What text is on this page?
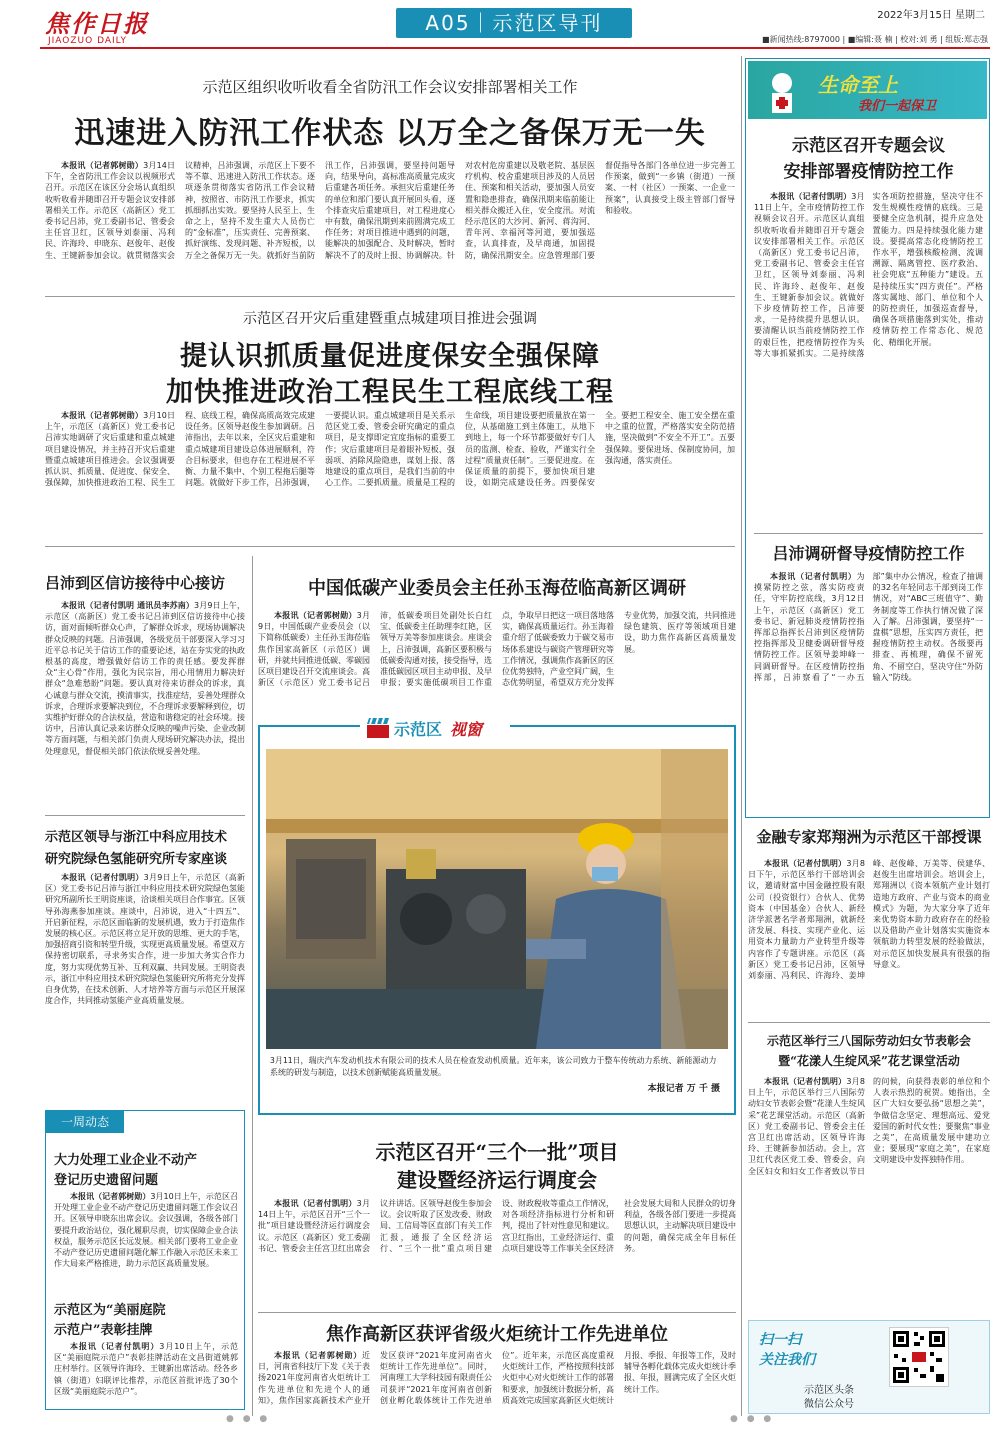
焦作日报
JIAOZUO DAILY
A05｜示范区导刊	2022年3月15日 星期二
■新闻热线:8797000 | ■编辑:聂 楠 | 校对:刘 勇 | 组版:郑志强
示范区组织收听收看全省防汛工作会议安排部署相关工作
迅速进入防汛工作状态 以万全之备保万无一失

本报讯（记者郭树勋）3月14日下午，全省防汛工作会议以视频形式召开。示范区在该区分会场认真组织收听收看并随即召开专题会议安排部署相关工作。示范区（高新区）党工委书记吕沛，党工委副书记、管委会主任宫卫红，区领导刘泰丽、冯利民、许海玲、申晓东、赵俊年、赵俊生、王键新参加会议。就贯彻落实会议精神，吕沛强调，示范区上下要不等不靠、迅速进入防汛工作状态。逐项逐条贯彻落实省防汛工作会议精神，按照省、市防汛工作要求，抓实抓细抓出实效。要坚持人民至上、生命之上，坚持不发生重大人员伤亡的“金标准”，压实责任、完善预案、抓好演练、发现问题、补齐短板，以万全之备保万无一失。就抓好当前防汛工作，吕沛强调，要坚持问题导向，结果导向，高标准高质量完成灾后重建各项任务。承担灾后重建任务的单位和部门要认真开展回头看，逐个排查灾后重建项目，对工程进度心中有数，确保汛期到来前圆满完成工作任务；对项目推进中遇到的问题，能解决的加强配合、及时解决，暂时解决不了的及时上报、协调解决。针对农村危房重建以及敬老院、基层医疗机构、校舍重建项目涉及的人员居住、预案和相关活动，要加强人员安置和隐患排查，确保汛期来临前能让相关群众搬迁入住，安全度汛。对流经示范区的大沙河、新河、蒋沟河、青年河、幸福河等河道，要加强巡查，认真排查，及早商通，加固提防，确保汛期安全。应急管理部门要督促指导各部门各单位进一步完善工作预案，做到“一乡镇（街道）一预案、一村（社区）一预案、一企业一预案”，认真接受上级主管部门督导和验收。

示范区召开灾后重建暨重点城建项目推进会强调
提认识抓质量促进度保安全强保障
加快推进政治工程民生工程底线工程

本报讯（记者郭树勋）3月10日上午，示范区（高新区）党工委书记吕沛实地调研了灾后重建和重点城建项目建设情况，并主持召开灾后重建暨重点城建项目推进会。会议强调要抓认识、抓质量、促进度、保安全、强保障，加快推进政治工程、民生工程、底线工程，确保高质高效完成建设任务。区领导赵俊生参加调研。吕沛指出，去年以来，全区灾后重建和重点城建项目建设总体进展顺利，符合目标要求，但也存在工程进展不平衡、力量不集中、个别工程拖后腿等问题。就做好下步工作，吕沛强调，一要提认识。重点城建项目是关系示范区党工委、管委会研究确定的重点项目，是支撑即定宜度指标的重要工作；灾后重建项目是着眼补短板、强弱项、消除风险隐患，谋划上报、落地建设的重点项目，是我们当前的中心工作。二要抓质量。质量是工程的生命线，项目建设要把质量放在第一位，从基础施工到主体施工，从地下到地上，每一个环节都要做好专门人员的监测、检查、验收，严谨实行全过程“质量责任制”。三要促进度。在保证质量的前提下，要加快项目建设，如期完成建设任务。四要保安全。要把工程安全、施工安全摆在重中之重的位置，严格落实安全防范措施，坚决做到“不安全不开工”。五要强保障。要保进场、保制度协同，加强沟通，落实责任。

吕沛到区信访接待中心接访

本报讯（记者付凯明 通讯员李苏南）3月9日上午，示范区（高新区）党工委书记吕沛到区信访接待中心接访，面对面倾听群众心声，了解群众诉求，现场协调解决群众反映的问题。吕沛强调，各级党员干部要深入学习习近平总书记关于信访工作的重要论述，站在夯实党的执政根基的高度，增强做好信访工作的责任感。要发挥群众“主心骨”作用，强化为民宗旨，用心用情用力解决好群众“急难愁盼”问题。要认真对待来访群众的诉求，真心诚意与群众交流，摸清事实，找准症结，妥善处理群众诉求，合理诉求要解决到位，不合理诉求要解释到位，切实维护好群众的合法权益，营造和谐稳定的社会环境。接访中，吕沛认真记录来访群众反映的噪声污染、企业改制等方面问题，与相关部门负责人现场研究解决办法，提出处理意见，督促相关部门依法依规妥善处理。

示范区领导与浙江中科应用技术
研究院绿色氢能研究所专家座谈

本报讯（记者付凯明）3月9日上午，示范区（高新区）党工委书记吕沛与浙江中科应用技术研究院绿色氢能研究所副所长王明资座谈，洽谈相关项目合作事宜。区领导孙海燕参加座谈。座谈中，吕沛说，进入“十四五”、开启新征程，示范区面临新的发展机遇，致力于打造焦作发展的核心区。示范区将立足开放的思维、更大的手笔，加强招商引资和转型升级，实现更高质量发展。希望双方保持密切联系，寻求务实合作，进一步加大务实合作力度，努力实现优势互补、互利双赢、共同发展。王明资表示，浙江中科应用技术研究院绿色氢能研究所将充分发挥自身优势，在技术创新、人才培养等方面与示范区开展深度合作，共同推动氢能产业高质量发展。

一周动态
大力处理工业企业不动产
登记历史遗留问题

本报讯（记者郭树勋）3月10日上午，示范区召开处理工业企业不动产登记历史遗留问题工作会议召开。区领导申晓东出席会议。会议强调，各级各部门要提升政治站位，强化履职尽责，切实保障企业合法权益，服务示范区长远发展。相关部门要将工业企业不动产登记历史遗留问题化解工作融入示范区未来工作大局来严格推进，助力示范区高质量发展。

示范区为“美丽庭院
示范户”表彰挂牌

本报讯（记者付凯明）3月10日上午，示范区“美丽庭院示范户”表彰挂牌活动在文昌街道姚郭庄村举行。区领导许海玲、王键新出席活动。经各乡镇（街道）妇联评比推荐，示范区首批评选了30个区级“美丽庭院示范户”。

中国低碳产业委员会主任孙玉海莅临高新区调研

本报讯（记者郭树勋）3月9日，中国低碳产业委员会（以下简称低碳委）主任孙玉海莅临焦作国家高新区（示范区）调研，并就共同推进低碳、零碳园区项目建设召开交流座谈会。高新区（示范区）党工委书记吕沛，低碳委项目处副处长白红宝、低碳委主任助理李红艳，区领导万美等参加座谈会。座谈会上，吕沛强调，高新区要积极与低碳委沟通对接，接受指导，选准低碳园区项目主动申报、及早申报；要实施低碳项目工作重点，争取早日把这一项目落地落实，确保高质量运行。孙玉海着重介绍了低碳委致力于碳交易市场体系建设与碳资产管理研究等工作情况，强调焦作高新区的区位优势独特，产业空间广阔，生态优势明显，希望双方充分发挥专业优势，加强交流，共同推进绿色建筑、医疗等领域项目建设，助力焦作高新区高质量发展。

示范区 视窗
3月11日，瑞庆汽车发动机技术有限公司的技术人员在检查发动机质量。近年来，该公司致力于整车传统动力系统、新能源动力系统的研发与制造，以技术创新赋能高质量发展。
本报记者 万 千 摄
示范区召开“三个一批”项目
建设暨经济运行调度会

本报讯（记者付凯明）3月14日上午，示范区召开“三个一批”项目建设暨经济运行调度会议。示范区（高新区）党工委副书记、管委会主任宫卫红出席会议并讲话。区领导赵俊生参加会议。会议听取了区发改委、财政局、工信局等区直部门有关工作汇报，通报了全区经济运行、“三个一批”重点项目建设、财政税收等重点工作情况，对各项经济指标进行分析和研判，提出了针对性意见和建议。宫卫红指出，工业经济运行、重点项目建设等工作事关全区经济社会发展大局和人民群众的切身利益，各级各部门要进一步提高思想认识，主动解决项目建设中的问题，确保完成全年目标任务。

焦作高新区获评省级火炬统计工作先进单位

本报讯（记者郭树勋）近日，河南省科技厅下发《关于表扬2021年度河南省火炬统计工作先进单位和先进个人的通知》，焦作国家高新技术产业开发区获评“2021年度河南省火炬统计工作先进单位”。同时，河南理工大学科技园有限责任公司获评“2021年度河南省创新创业孵化载体统计工作先进单位”。近年来，示范区高度重视火炬统计工作，严格按照科技部火炬中心对火炬统计工作的部署和要求，加强统计数据分析，高质高效完成国家高新区火炬统计月报、季报、年报等工作，及时辅导各孵化载体完成火炬统计季报、年报，圆满完成了全区火炬统计工作。

生命至上
我们一起保卫
示范区召开专题会议
安排部署疫情防控工作

本报讯（记者付凯明）3月11日上午，全市疫情防控工作视频会议召开。示范区认真组织收听收看并随即召开专题会议安排部署相关工作。示范区（高新区）党工委书记吕沛，党工委副书记、管委会主任宫卫红，区领导刘泰丽、冯利民、许海玲、赵俊年、赵俊生、王键新参加会议。就做好下步疫情防控工作，吕沛要求，一是持续提升思想认识。要清醒认识当前疫情防控工作的艰巨性，把疫情防控作为头等大事抓紧抓实。二是持续落实各项防控措施，坚决守住不发生规模性疫情的底线。三是要健全应急机制，提升应急处置能力。四是持续强化能力建设。要提高常态化疫情防控工作水平，增强核酸检测、流调溯源、隔离管控、医疗救治、社会兜底“五种能力”建设。五是持续压实“四方责任”。严格落实属地、部门、单位和个人的防控责任，加强巡查督导，确保各项措施落到实处，推动疫情防控工作常态化、规范化、精细化开展。

吕沛调研督导疫情防控工作

本报讯（记者付凯明）为摸紧防控之弦，落实防疫责任，守牢防控底线，3月12日上午，示范区（高新区）党工委书记、新冠肺炎疫情防控指挥部总指挥长吕沛到区疫情防控指挥部及卫健委调研督导疫情防控工作。区领导姜坤峰一同调研督导。在区疫情防控指挥部，吕沛察看了“一办五部”集中办公情况，检查了抽调的32名年轻同志干部到岗工作情况，对“ABC三班值守”、勤务制度等工作执行情况做了深入了解。吕沛强调，要坚持“一盘棋”思想，压实四方责任，把握疫情防控主动权。各级要再排查、再梳理，确保不留死角、不留空白，坚决守住“外防输入”防线。

金融专家郑翔洲为示范区干部授课

本报讯（记者付凯明）3月8日下午，示范区举行干部培训会议，邀请财富中国金融控股有限公司（投资银行）合伙人、优势资本（中国基金）合伙人、新经济学派著名学者郑翔洲，就新经济发展、科技、实现产业化、运用资本力量助力产业转型升级等内容作了专题讲座。示范区（高新区）党工委书记吕沛，区领导刘泰丽、冯利民、许海玲、姜坤峰、赵俊峰、万美等、侯建华、赵俊生出席培训会。培训会上，郑翔洲以《资本领航产业计划打造地方政府、产业与资本的商业模式》为题，为大家分享了近年来优势资本助力政府存在的经验以及借助产业计划落实实施资本领航助力转型发展的经验做法，对示范区加快发展具有很强的指导意义。

示范区举行三八国际劳动妇女节表彰会
暨“花漾人生绽风采”花艺课堂活动

本报讯（记者付凯明）3月8日上午，示范区举行三八国际劳动妇女节表彰会暨“花漾人生绽风采”花艺课堂活动。示范区（高新区）党工委副书记、管委会主任宫卫红出席活动，区领导许海玲、王键新参加活动。会上，宫卫红代表区党工委、管委会，向全区妇女和妇女工作者致以节日的问候，向获得表彰的单位和个人表示热烈的祝贺。她指出，全区广大妇女要弘扬“思想之美”，争做信念坚定、理想高远、爱党爱国的新时代女性；要聚焦“事业之美”，在高质量发展中建功立业；要展现“家庭之美”，在家庭文明建设中发挥独特作用。

扫一扫
关注我们
示范区头条
微信公众号
● ● ●	● ● ●
